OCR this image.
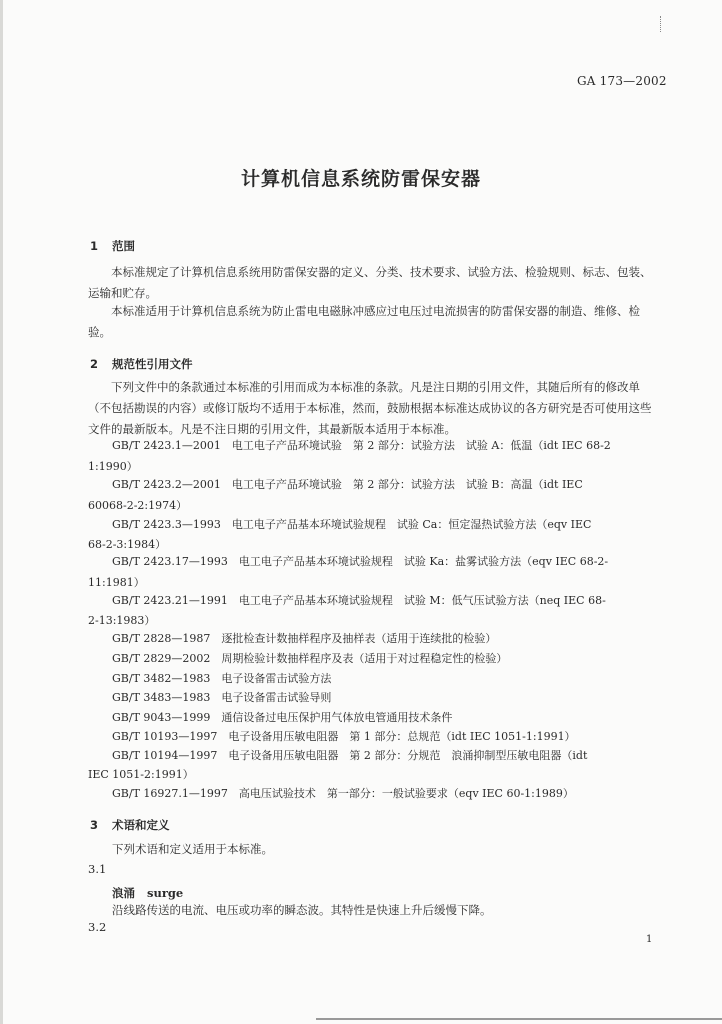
GA 173—2002
计算机信息系统防雷保安器
1 范围
本标准规定了计算机信息系统用防雷保安器的定义、分类、技术要求、试验方法、检验规则、标志、包装、运输和贮存。
本标准适用于计算机信息系统为防止雷电电磁脉冲感应过电压过电流损害的防雷保安器的制造、维修、检验。
2 规范性引用文件
下列文件中的条款通过本标准的引用而成为本标准的条款。凡是注日期的引用文件，其随后所有的修改单（不包括勘误的内容）或修订版均不适用于本标准，然而，鼓励根据本标准达成协议的各方研究是否可使用这些文件的最新版本。凡是不注日期的引用文件，其最新版本适用于本标准。
GB/T 2423.1—2001　电工电子产品环境试验　第 2 部分：试验方法　试验 A：低温（idt IEC 68-2
1:1990）
GB/T 2423.2—2001　电工电子产品环境试验　第 2 部分：试验方法　试验 B：高温（idt IEC
60068-2-2:1974）
GB/T 2423.3—1993　电工电子产品基本环境试验规程　试验 Ca：恒定湿热试验方法（eqv IEC
68-2-3:1984）
GB/T 2423.17—1993　电工电子产品基本环境试验规程　试验 Ka：盐雾试验方法（eqv IEC 68-2-
11:1981）
GB/T 2423.21—1991　电工电子产品基本环境试验规程　试验 M：低气压试验方法（neq IEC 68-
2-13:1983）
GB/T 2828—1987　逐批检查计数抽样程序及抽样表（适用于连续批的检验）
GB/T 2829—2002　周期检验计数抽样程序及表（适用于对过程稳定性的检验）
GB/T 3482—1983　电子设备雷击试验方法
GB/T 3483—1983　电子设备雷击试验导则
GB/T 9043—1999　通信设备过电压保护用气体放电管通用技术条件
GB/T 10193—1997　电子设备用压敏电阻器　第 1 部分：总规范（idt IEC 1051-1:1991）
GB/T 10194—1997　电子设备用压敏电阻器　第 2 部分：分规范　浪涌抑制型压敏电阻器（idt
IEC 1051-2:1991）
GB/T 16927.1—1997　高电压试验技术　第一部分：一般试验要求（eqv IEC 60-1:1989）
3 术语和定义
下列术语和定义适用于本标准。
3.1
浪涌 surge
沿线路传送的电流、电压或功率的瞬态波。其特性是快速上升后缓慢下降。
3.2
1
